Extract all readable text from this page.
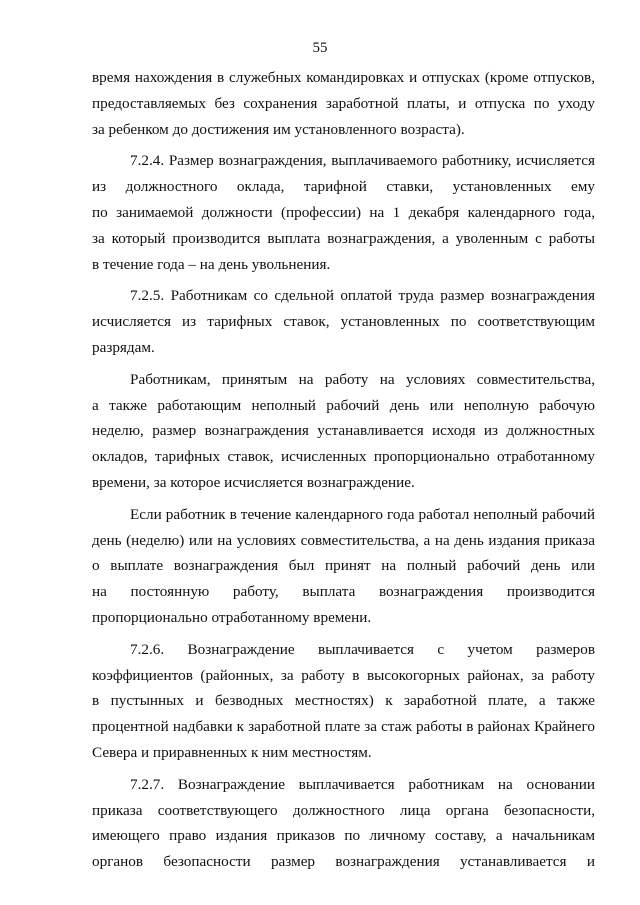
55

время нахождения в служебных командировках и отпусках (кроме отпусков,
предоставляемых без сохранения заработной платы, и отпуска по уходу
за ребенком до достижения им установленного возраста).

7.2.4. Размер вознаграждения, выплачиваемого работнику, исчисляется
из должностного оклада, тарифной ставки, установленных ему
по занимаемой должности (профессии) на 1 декабря календарного года,
за который производится выплата вознаграждения, а уволенным с работы
в течение года – на день увольнения.

7.2.5. Работникам со сдельной оплатой труда размер вознаграждения
исчисляется из тарифных ставок, установленных по соответствующим
разрядам.

Работникам, принятым на работу на условиях совместительства,
а также работающим неполный рабочий день или неполную рабочую
неделю, размер вознаграждения устанавливается исходя из должностных
окладов, тарифных ставок, исчисленных пропорционально отработанному
времени, за которое исчисляется вознаграждение.

Если работник в течение календарного года работал неполный рабочий
день (неделю) или на условиях совместительства, а на день издания приказа
о выплате вознаграждения был принят на полный рабочий день или
на постоянную работу, выплата вознаграждения производится
пропорционально отработанному времени.

7.2.6. Вознаграждение выплачивается с учетом размеров
коэффициентов (районных, за работу в высокогорных районах, за работу
в пустынных и безводных местностях) к заработной плате, а также
процентной надбавки к заработной плате за стаж работы в районах Крайнего
Севера и приравненных к ним местностям.

7.2.7. Вознаграждение выплачивается работникам на основании
приказа соответствующего должностного лица органа безопасности,
имеющего право издания приказов по личному составу, а начальникам
органов безопасности размер вознаграждения устанавливается и
